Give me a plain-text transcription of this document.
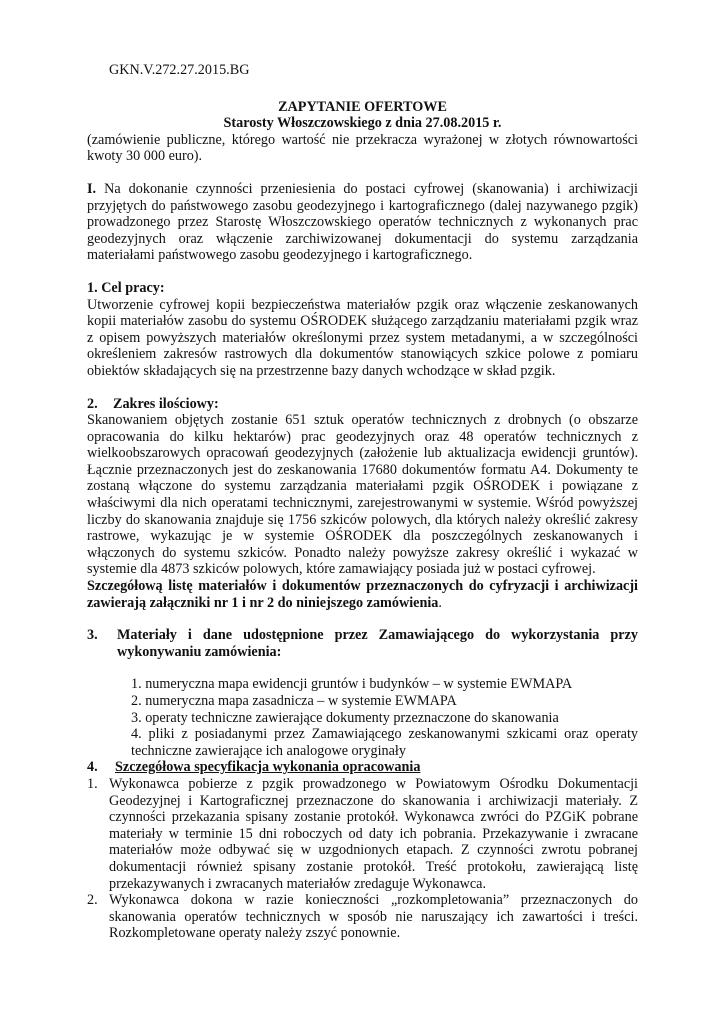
GKN.V.272.27.2015.BG

ZAPYTANIE OFERTOWE

Starosty Włoszczowskiego z dnia 27.08.2015 r.

(zamówienie publiczne, którego wartość nie przekracza wyrażonej w złotych równowartości kwoty 30 000 euro).

I. Na dokonanie czynności przeniesienia do postaci cyfrowej (skanowania) i archiwizacji przyjętych do państwowego zasobu geodezyjnego i kartograficznego (dalej nazywanego pzgik) prowadzonego przez Starostę Włoszczowskiego operatów technicznych z wykonanych prac geodezyjnych oraz włączenie zarchiwizowanej dokumentacji do systemu zarządzania materiałami państwowego zasobu geodezyjnego i kartograficznego.

1. Cel pracy:

Utworzenie cyfrowej kopii bezpieczeństwa materiałów pzgik oraz włączenie zeskanowanych kopii materiałów zasobu do systemu OŚRODEK służącego zarządzaniu materiałami pzgik wraz z opisem powyższych materiałów określonymi przez system metadanymi, a w szczególności określeniem zakresów rastrowych dla dokumentów stanowiących szkice polowe z pomiaru obiektów składających się na przestrzenne bazy danych wchodzące w skład pzgik.

2.	Zakres ilościowy:

Skanowaniem objętych zostanie 651 sztuk operatów technicznych z drobnych (o obszarze opracowania do kilku hektarów) prac geodezyjnych oraz 48 operatów technicznych z wielkoobszarowych opracowań geodezyjnych (założenie lub aktualizacja ewidencji gruntów). Łącznie przeznaczonych jest do zeskanowania 17680 dokumentów formatu A4. Dokumenty te zostaną włączone do systemu zarządzania materiałami pzgik OŚRODEK i powiązane z właściwymi dla nich operatami technicznymi, zarejestrowanymi w systemie. Wśród powyższej liczby do skanowania znajduje się 1756 szkiców polowych, dla których należy określić zakresy rastrowe, wykazując je w systemie OŚRODEK dla poszczególnych zeskanowanych i włączonych do systemu szkiców. Ponadto należy powyższe zakresy określić i wykazać w systemie dla 4873 szkiców polowych, które zamawiający posiada już w postaci cyfrowej.

Szczegółową listę materiałów i dokumentów przeznaczonych do cyfryzacji i archiwizacji zawierają załączniki nr 1 i nr 2 do niniejszego zamówienia.

3.	Materiały i dane udostępnione przez Zamawiającego do wykorzystania przy wykonywaniu zamówienia:

1. numeryczna mapa ewidencji gruntów i budynków – w systemie EWMAPA

2. numeryczna mapa zasadnicza – w systemie EWMAPA

3. operaty techniczne zawierające dokumenty przeznaczone do skanowania

4. pliki z posiadanymi przez Zamawiającego zeskanowanymi szkicami oraz operaty techniczne zawierające ich analogowe oryginały

4.	Szczegółowa specyfikacja wykonania opracowania
1. Wykonawca pobierze z pzgik prowadzonego w Powiatowym Ośrodku Dokumentacji Geodezyjnej i Kartograficznej przeznaczone do skanowania i archiwizacji materiały. Z czynności przekazania spisany zostanie protokół. Wykonawca zwróci do PZGiK pobrane materiały w terminie 15 dni roboczych od daty ich pobrania. Przekazywanie i zwracane materiałów może odbywać się w uzgodnionych etapach. Z czynności zwrotu pobranej dokumentacji również spisany zostanie protokół. Treść protokołu, zawierającą listę przekazywanych i zwracanych materiałów zredaguje Wykonawca.
2. Wykonawca dokona w razie konieczności „rozkompletowania” przeznaczonych do skanowania operatów technicznych w sposób nie naruszający ich zawartości i treści. Rozkompletowane operaty należy zszyć ponownie.
